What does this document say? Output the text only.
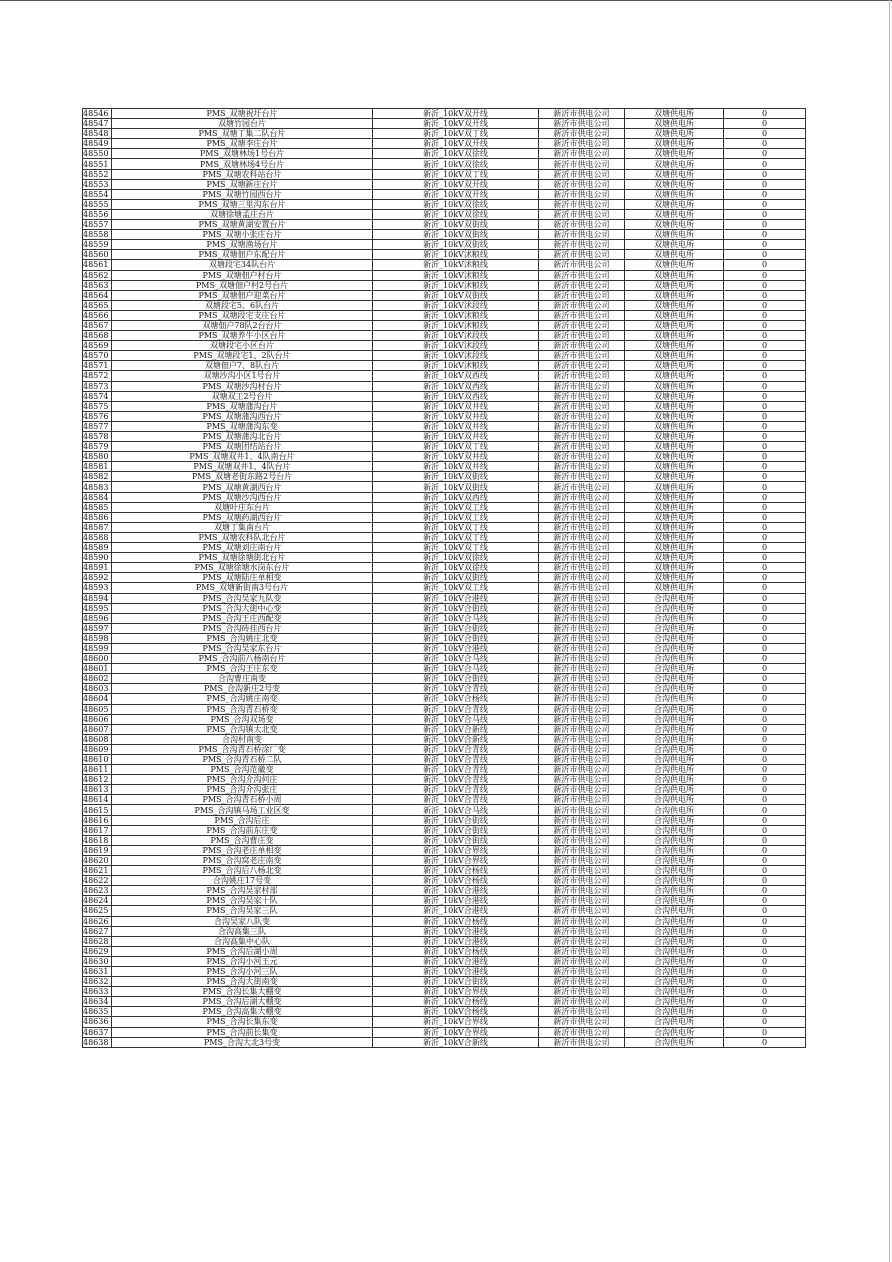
48546	PMS_双塘祝圩台片	新沂_10kV双开线	新沂市供电公司	双塘供电所	0
48547	双塘竹园台片	新沂_10kV双开线	新沂市供电公司	双塘供电所	0
48548	PMS_双塘丁集二队台片	新沂_10kV双丁线	新沂市供电公司	双塘供电所	0
48549	PMS_双塘李庄台片	新沂_10kV双开线	新沂市供电公司	双塘供电所	0
48550	PMS_双塘林场1号台片	新沂_10kV双徐线	新沂市供电公司	双塘供电所	0
48551	PMS_双塘林场4号台片	新沂_10kV双徐线	新沂市供电公司	双塘供电所	0
48552	PMS_双塘农科站台片	新沂_10kV双丁线	新沂市供电公司	双塘供电所	0
48553	PMS_双塘新庄台片	新沂_10kV双开线	新沂市供电公司	双塘供电所	0
48554	PMS_双塘竹园西台片	新沂_10kV双开线	新沂市供电公司	双塘供电所	0
48555	PMS_双塘三里沟东台片	新沂_10kV双徐线	新沂市供电公司	双塘供电所	0
48556	双塘徐塘孟庄台片	新沂_10kV双徐线	新沂市供电公司	双塘供电所	0
48557	PMS_双塘黄湖安置台片	新沂_10kV双街线	新沂市供电公司	双塘供电所	0
48558	PMS_双塘小张庄台片	新沂_10kV双街线	新沂市供电公司	双塘供电所	0
48559	PMS_双塘渔场台片	新沂_10kV双街线	新沂市供电公司	双塘供电所	0
48560	PMS_双塘佃户东配台片	新沂_10kV沭粮线	新沂市供电公司	双塘供电所	0
48561	双塘段宅34队台片	新沂_10kV沭粮线	新沂市供电公司	双塘供电所	0
48562	PMS_双塘佃户村台片	新沂_10kV沭粮线	新沂市供电公司	双塘供电所	0
48563	PMS_双塘佃户村2号台片	新沂_10kV沭粮线	新沂市供电公司	双塘供电所	0
48564	PMS_双塘佃户迎菜台片	新沂_10kV双街线	新沂市供电公司	双塘供电所	0
48565	双塘段宅5、6队台片	新沂_10kV沭段线	新沂市供电公司	双塘供电所	0
48566	PMS_双塘段宅支庄台片	新沂_10kV沭粮线	新沂市供电公司	双塘供电所	0
48567	双塘佃户78队2台台片	新沂_10kV沭粮线	新沂市供电公司	双塘供电所	0
48568	PMS_双塘养牛小区台片	新沂_10kV沭段线	新沂市供电公司	双塘供电所	0
48569	双塘段宅小区台片	新沂_10kV沭段线	新沂市供电公司	双塘供电所	0
48570	PMS_双塘段宅1、2队台片	新沂_10kV沭段线	新沂市供电公司	双塘供电所	0
48571	双塘佃户7、8队台片	新沂_10kV沭粮线	新沂市供电公司	双塘供电所	0
48572	双塘沙沟小区1号台片	新沂_10kV双西线	新沂市供电公司	双塘供电所	0
48573	PMS_双塘沙沟村台片	新沂_10kV双西线	新沂市供电公司	双塘供电所	0
48574	双塘双工2号台片	新沂_10kV双西线	新沂市供电公司	双塘供电所	0
48575	PMS_双塘蒲沟台片	新沂_10kV双井线	新沂市供电公司	双塘供电所	0
48576	PMS_双塘蒲沟西台片	新沂_10kV双井线	新沂市供电公司	双塘供电所	0
48577	PMS_双塘蒲沟东变	新沂_10kV双井线	新沂市供电公司	双塘供电所	0
48578	PMS_双塘蒲沟北台片	新沂_10kV双井线	新沂市供电公司	双塘供电所	0
48579	PMS_双塘团结站台片	新沂_10kV双丁线	新沂市供电公司	双塘供电所	0
48580	PMS_双塘双井1、4队南台片	新沂_10kV双井线	新沂市供电公司	双塘供电所	0
48581	PMS_双塘双井1、4队台片	新沂_10kV双井线	新沂市供电公司	双塘供电所	0
48582	PMS_双塘老街东路2号台片	新沂_10kV双街线	新沂市供电公司	双塘供电所	0
48583	PMS_双塘黄湖西台片	新沂_10kV双街线	新沂市供电公司	双塘供电所	0
48584	PMS_双塘沙沟西台片	新沂_10kV双西线	新沂市供电公司	双塘供电所	0
48585	双塘叶庄东台片	新沂_10kV双工线	新沂市供电公司	双塘供电所	0
48586	PMS_双塘药湖西台片	新沂_10kV双工线	新沂市供电公司	双塘供电所	0
48587	双塘丁集南台片	新沂_10kV双丁线	新沂市供电公司	双塘供电所	0
48588	PMS_双塘农科队北台片	新沂_10kV双丁线	新沂市供电公司	双塘供电所	0
48589	PMS_双塘刘庄南台片	新沂_10kV双丁线	新沂市供电公司	双塘供电所	0
48590	PMS_双塘徐塘街北台片	新沂_10kV双徐线	新沂市供电公司	双塘供电所	0
48591	PMS_双塘徐塘水岗东台片	新沂_10kV双徐线	新沂市供电公司	双塘供电所	0
48592	PMS_双塘陆庄单相变	新沂_10kV双街线	新沂市供电公司	双塘供电所	0
48593	PMS_双塘新街南3号台片	新沂_10kV双工线	新沂市供电公司	双塘供电所	0
48594	PMS_合沟吴家九队变	新沂_10kV合港线	新沂市供电公司	合沟供电所	0
48595	PMS_合沟大街中心变	新沂_10kV合街线	新沂市供电公司	合沟供电所	0
48596	PMS_合沟王庄西配变	新沂_10kV合马线	新沂市供电公司	合沟供电所	0
48597	PMS_合沟砖挂西台片	新沂_10kV合街线	新沂市供电公司	合沟供电所	0
48598	PMS_合沟姚庄北变	新沂_10kV合街线	新沂市供电公司	合沟供电所	0
48599	PMS_合沟吴家东台片	新沂_10kV合港线	新沂市供电公司	合沟供电所	0
48600	PMS_合沟前八杨南台片	新沂_10kV合马线	新沂市供电公司	合沟供电所	0
48601	PMS_合沟王庄东变	新沂_10kV合马线	新沂市供电公司	合沟供电所	0
48602	合沟曹庄南变	新沂_10kV合街线	新沂市供电公司	合沟供电所	0
48603	PMS_合沟新庄2号变	新沂_10kV合青线	新沂市供电公司	合沟供电所	0
48604	PMS_合沟姚庄南变	新沂_10kV合杨线	新沂市供电公司	合沟供电所	0
48605	PMS_合沟青石桥变	新沂_10kV合青线	新沂市供电公司	合沟供电所	0
48606	PMS_合沟双场变	新沂_10kV合马线	新沂市供电公司	合沟供电所	0
48607	PMS_合沟镇大北变	新沂_10kV合新线	新沂市供电公司	合沟供电所	0
48608	合沟村南变	新沂_10kV合新线	新沂市供电公司	合沟供电所	0
48609	PMS_合沟青石桥涂厂变	新沂_10kV合青线	新沂市供电公司	合沟供电所	0
48610	PMS_合沟青石桥二队	新沂_10kV合青线	新沂市供电公司	合沟供电所	0
48611	PMS_合沟范徽变	新沂_10kV合青线	新沂市供电公司	合沟供电所	0
48612	PMS_合沟介沟何庄	新沂_10kV合青线	新沂市供电公司	合沟供电所	0
48613	PMS_合沟介沟张庄	新沂_10kV合青线	新沂市供电公司	合沟供电所	0
48614	PMS_合沟青石桥小周	新沂_10kV合青线	新沂市供电公司	合沟供电所	0
48615	PMS_合沟镇马场工业区变	新沂_10kV合马线	新沂市供电公司	合沟供电所	0
48616	PMS_合沟后庄	新沂_10kV合街线	新沂市供电公司	合沟供电所	0
48617	PMS_合沟前东庄变	新沂_10kV合街线	新沂市供电公司	合沟供电所	0
48618	PMS_合沟曹庄变	新沂_10kV合街线	新沂市供电公司	合沟供电所	0
48619	PMS_合沟老庄单相变	新沂_10kV合界线	新沂市供电公司	合沟供电所	0
48620	PMS_合沟窝老庄南变	新沂_10kV合界线	新沂市供电公司	合沟供电所	0
48621	PMS_合沟后八杨北变	新沂_10kV合杨线	新沂市供电公司	合沟供电所	0
48622	合沟姚庄17号变	新沂_10kV合杨线	新沂市供电公司	合沟供电所	0
48623	PMS_合沟吴家村部	新沂_10kV合港线	新沂市供电公司	合沟供电所	0
48624	PMS_合沟吴家十队	新沂_10kV合港线	新沂市供电公司	合沟供电所	0
48625	PMS_合沟吴家三队	新沂_10kV合港线	新沂市供电公司	合沟供电所	0
48626	合沟吴家八队变	新沂_10kV合杨线	新沂市供电公司	合沟供电所	0
48627	合沟高集三队	新沂_10kV合港线	新沂市供电公司	合沟供电所	0
48628	合沟高集中心队	新沂_10kV合港线	新沂市供电公司	合沟供电所	0
48629	PMS_合沟后湖小周	新沂_10kV合杨线	新沂市供电公司	合沟供电所	0
48630	PMS_合沟小河王元	新沂_10kV合港线	新沂市供电公司	合沟供电所	0
48631	PMS_合沟小河三队	新沂_10kV合港线	新沂市供电公司	合沟供电所	0
48632	PMS_合沟大街南变	新沂_10kV合街线	新沂市供电公司	合沟供电所	0
48633	PMS_合沟长集大棚变	新沂_10kV合界线	新沂市供电公司	合沟供电所	0
48634	PMS_合沟后湖大棚变	新沂_10kV合杨线	新沂市供电公司	合沟供电所	0
48635	PMS_合沟高集大棚变	新沂_10kV合杨线	新沂市供电公司	合沟供电所	0
48636	PMS_合沟长集东变	新沂_10kV合界线	新沂市供电公司	合沟供电所	0
48637	PMS_合沟前长集变	新沂_10kV合界线	新沂市供电公司	合沟供电所	0
48638	PMS_合沟大北3号变	新沂_10kV合新线	新沂市供电公司	合沟供电所	0
